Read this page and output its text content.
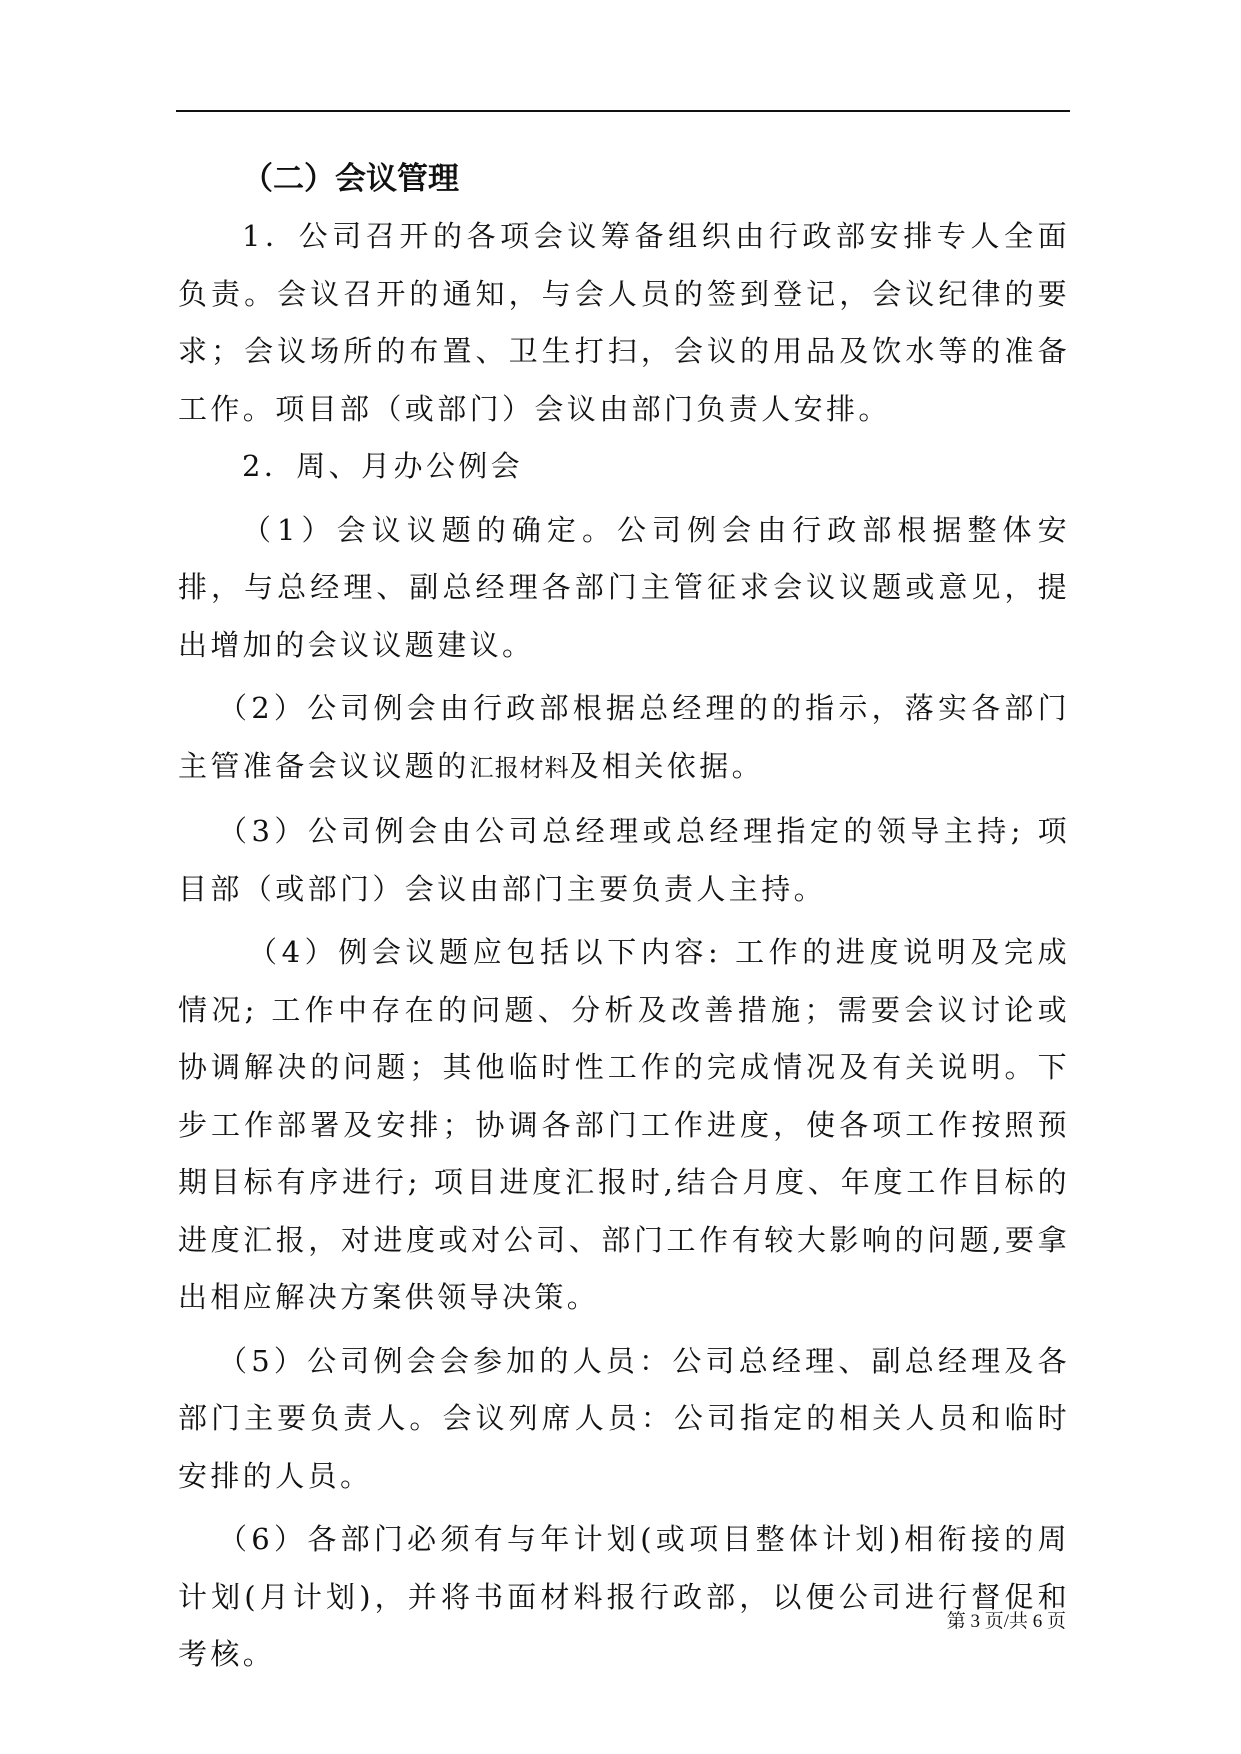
（二）会议管理

1．公司召开的各项会议筹备组织由行政部安排专人全面负责。会议召开的通知，与会人员的签到登记，会议纪律的要求；会议场所的布置、卫生打扫，会议的用品及饮水等的准备工作。项目部（或部门）会议由部门负责人安排。

2．周、月办公例会

（1）会议议题的确定。公司例会由行政部根据整体安排，与总经理、副总经理各部门主管征求会议议题或意见，提出增加的会议议题建议。

（2）公司例会由行政部根据总经理的的指示，落实各部门主管准备会议议题的汇报材料及相关依据。

（3）公司例会由公司总经理或总经理指定的领导主持; 项目部（或部门）会议由部门主要负责人主持。

（4）例会议题应包括以下内容: 工作的进度说明及完成情况; 工作中存在的问题、分析及改善措施；需要会议讨论或协调解决的问题；其他临时性工作的完成情况及有关说明。下步工作部署及安排；协调各部门工作进度，使各项工作按照预期目标有序进行; 项目进度汇报时,结合月度、年度工作目标的进度汇报，对进度或对公司、部门工作有较大影响的问题,要拿出相应解决方案供领导决策。

（5）公司例会会参加的人员：公司总经理、副总经理及各部门主要负责人。会议列席人员：公司指定的相关人员和临时安排的人员。

（6）各部门必须有与年计划(或项目整体计划)相衔接的周计划(月计划)，并将书面材料报行政部，以便公司进行督促和考核。

第 3 页/共 6 页
